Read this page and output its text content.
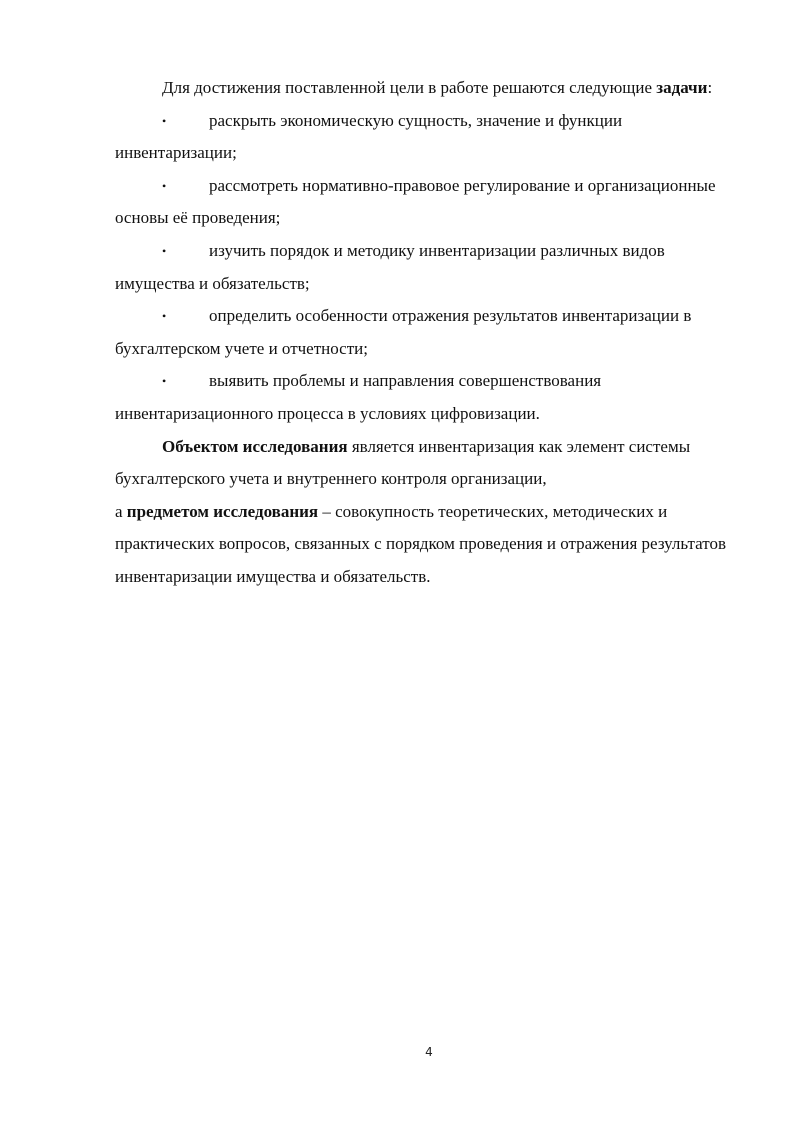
Для достижения поставленной цели в работе решаются следующие задачи:

•	раскрыть экономическую сущность, значение и функции инвентаризации;

•	рассмотреть нормативно-правовое регулирование и организационные основы её проведения;

•	изучить порядок и методику инвентаризации различных видов имущества и обязательств;

•	определить особенности отражения результатов инвентаризации в бухгалтерском учете и отчетности;

•	выявить проблемы и направления совершенствования инвентаризационного процесса в условиях цифровизации.

Объектом исследования является инвентаризация как элемент системы бухгалтерского учета и внутреннего контроля организации,

а предметом исследования – совокупность теоретических, методических и практических вопросов, связанных с порядком проведения и отражения результатов инвентаризации имущества и обязательств.

4
